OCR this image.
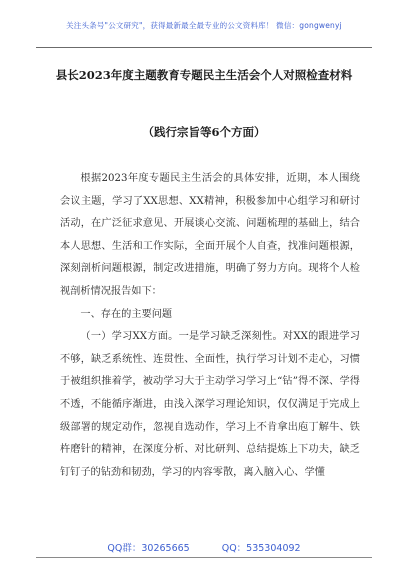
关注头条号"公文研究"，获得最新最全最专业的公文资料库！ 微信：gongwenyj
县长2023年度主题教育专题民主生活会个人对照检查材料
（践行宗旨等6个方面）

根据2023年度专题民主生活会的具体安排，近期，本人围绕会议主题，学习了XX思想、XX精神，积极参加中心组学习和研讨活动，在广泛征求意见、开展谈心交流、问题梳理的基础上，结合本人思想、生活和工作实际，全面开展个人自查，找准问题根源，深刻剖析问题根源，制定改进措施，明确了努力方向。现将个人检视剖析情况报告如下：

一、存在的主要问题

（一）学习XX方面。一是学习缺乏深刻性。对XX的跟进学习不够，缺乏系统性、连贯性、全面性，执行学习计划不走心，习惯于被组织推着学，被动学习大于主动学习学习上“钻”得不深、学得不透，不能循序渐进，由浅入深学习理论知识，仅仅满足于完成上级部署的规定动作，忽视自选动作，学习上不肯拿出庖丁解牛、铁杵磨针的精神，在深度分析、对比研判、总结提炼上下功夫，缺乏钉钉子的钻劲和韧劲，学习的内容零散，离入脑入心、学懂

QQ群：30265665	QQ：535304092
